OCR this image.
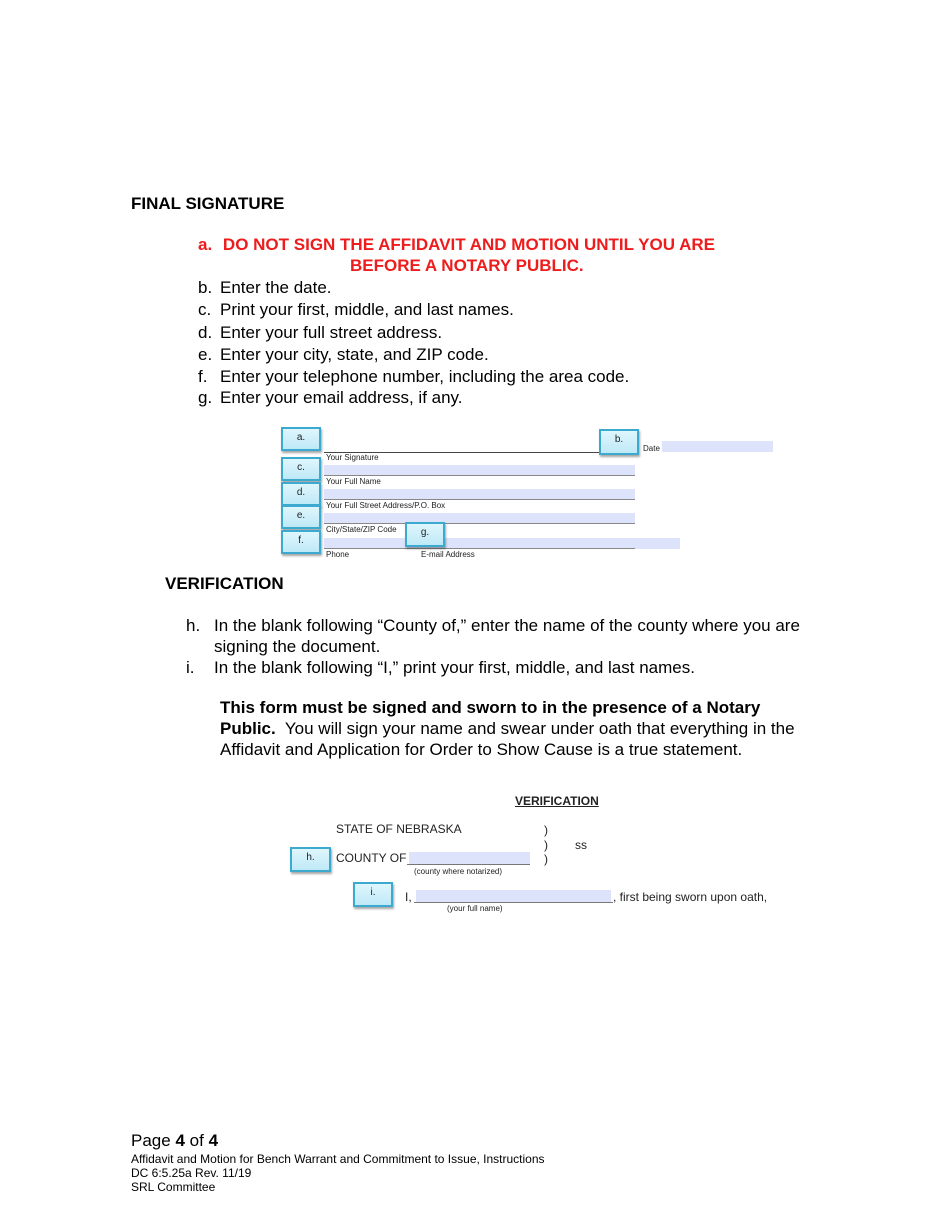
FINAL SIGNATURE
a. DO NOT SIGN THE AFFIDAVIT AND MOTION UNTIL YOU ARE
BEFORE A NOTARY PUBLIC.
b. Enter the date.
c. Print your first, middle, and last names.
d. Enter your full street address.
e. Enter your city, state, and ZIP code.
f. Enter your telephone number, including the area code.
g. Enter your email address, if any.
Your Signature
Date
Your Full Name
Your Full Street Address/P.O. Box
City/State/ZIP Code
Phone	E-mail Address
a.	b.
c.
d.
e.
f.
g.
VERIFICATION
h. In the blank following “County of,” enter the name of the county where you are signing the document.
i. In the blank following “I,” print your first, middle, and last names.
This form must be signed and sworn to in the presence of a Notary Public. You will sign your name and swear under oath that everything in the Affidavit and Application for Order to Show Cause is a true statement.
VERIFICATION
STATE OF NEBRASKA	)
) ss
)
COUNTY OF
(county where notarized)
I,	, first being sworn upon oath,
(your full name)
h.
i.
Page 4 of 4
Affidavit and Motion for Bench Warrant and Commitment to Issue, Instructions
DC 6:5.25a Rev. 11/19
SRL Committee
